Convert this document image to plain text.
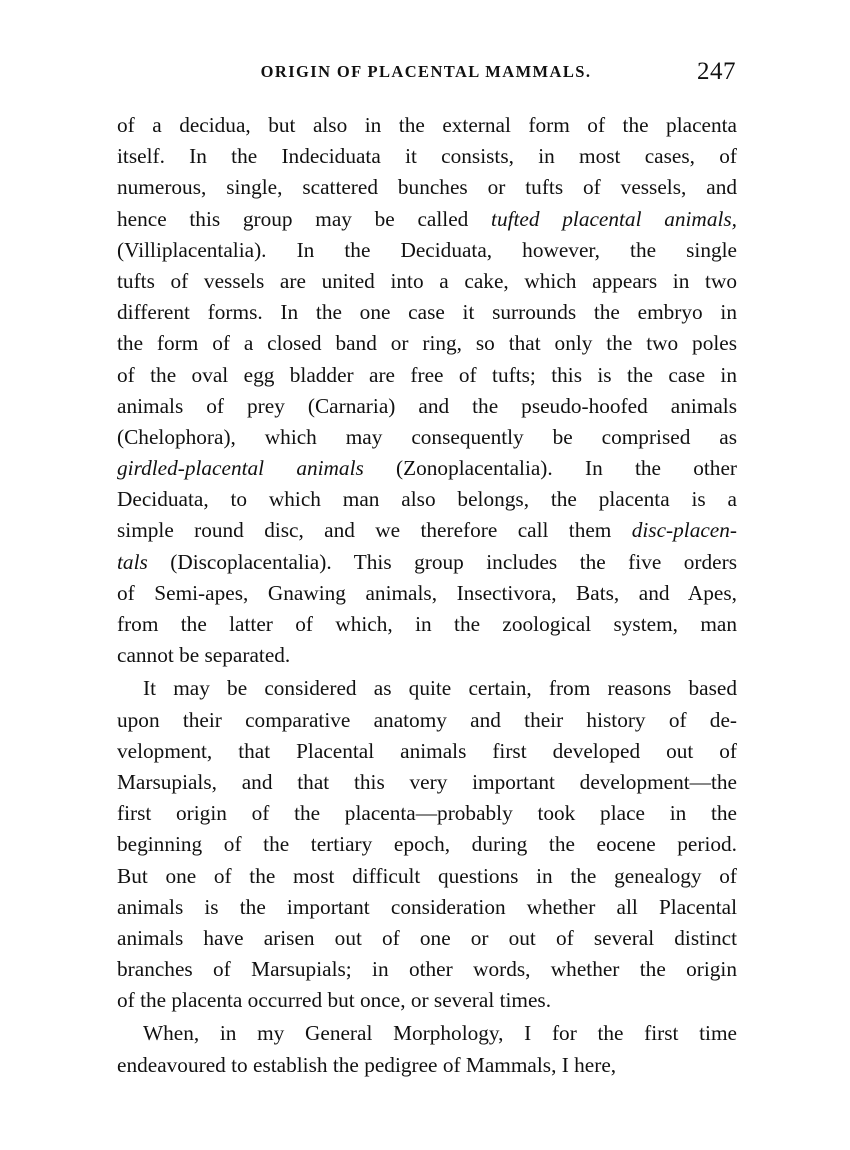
ORIGIN OF PLACENTAL MAMMALS.	247
of a decidua, but also in the external form of the placenta
itself. In the Indeciduata it consists, in most cases, of
numerous, single, scattered bunches or tufts of vessels, and
hence this group may be called tufted placental animals,
(Villiplacentalia). In the Deciduata, however, the single
tufts of vessels are united into a cake, which appears in two
different forms. In the one case it surrounds the embryo in
the form of a closed band or ring, so that only the two poles
of the oval egg bladder are free of tufts; this is the case in
animals of prey (Carnaria) and the pseudo-hoofed animals
(Chelophora), which may consequently be comprised as
girdled-placental animals (Zonoplacentalia). In the other
Deciduata, to which man also belongs, the placenta is a
simple round disc, and we therefore call them disc-placen-
tals (Discoplacentalia). This group includes the five orders
of Semi-apes, Gnawing animals, Insectivora, Bats, and Apes,
from the latter of which, in the zoological system, man
cannot be separated.
It may be considered as quite certain, from reasons based
upon their comparative anatomy and their history of de-
velopment, that Placental animals first developed out of
Marsupials, and that this very important development—the
first origin of the placenta—probably took place in the
beginning of the tertiary epoch, during the eocene period.
But one of the most difficult questions in the genealogy of
animals is the important consideration whether all Placental
animals have arisen out of one or out of several distinct
branches of Marsupials; in other words, whether the origin
of the placenta occurred but once, or several times.
When, in my General Morphology, I for the first time
endeavoured to establish the pedigree of Mammals, I here,
